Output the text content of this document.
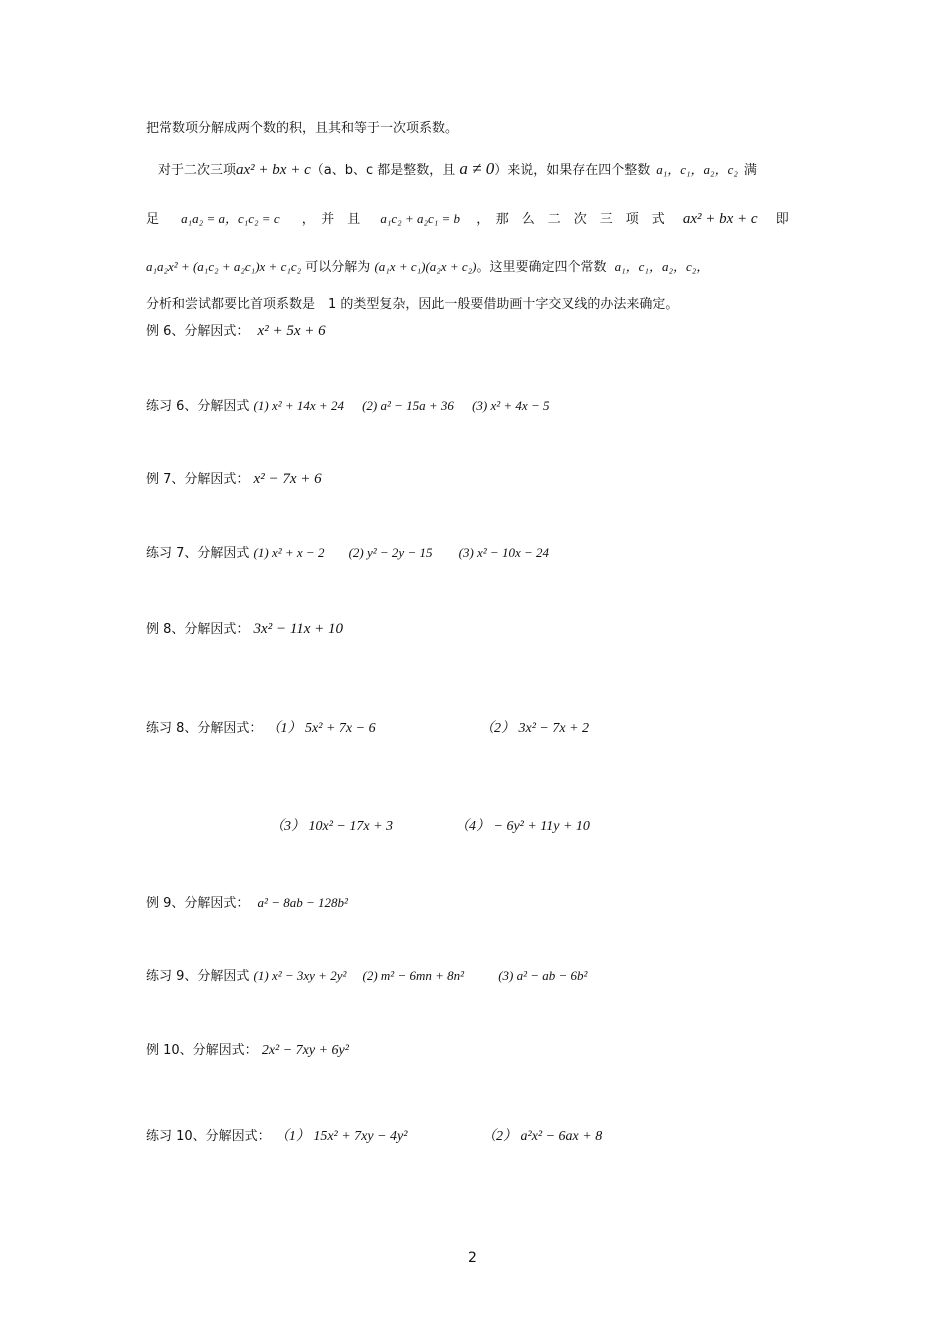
把常数项分解成两个数的积，且其和等于一次项系数。
对于二次三项ax² + bx + c（a、b、c 都是整数，且 a ≠ 0）来说，如果存在四个整数 a₁，c₁，a₂，c₂ 满
足 a₁a₂ = a，c₁c₂ = c ，　并　且 a₁c₂ + a₂c₁ = b ，　那　么　二　次　三　项　式 ax² + bx + c 即
a₁a₂x² + (a₁c₂ + a₂c₁)x + c₁c₂ 可以分解为 (a₁x + c₁)(a₂x + c₂)。这里要确定四个常数 a₁，c₁，a₂，c₂，
分析和尝试都要比首项系数是　1 的类型复杂，因此一般要借助画十字交叉线的办法来确定。
例 6、分解因式： x² + 5x + 6
练习 6、分解因式 (1) x² + 14x + 24 (2) a² − 15a + 36 (3) x² + 4x − 5
例 7、分解因式： x² − 7x + 6
练习 7、分解因式 (1) x² + x − 2 (2) y² − 2y − 15 (3) x² − 10x − 24
例 8、分解因式： 3x² − 11x + 10
练习 8、分解因式： （1） 5x² + 7x − 6	（2） 3x² − 7x + 2
（3） 10x² − 17x + 3	（4） − 6y² + 11y + 10
例 9、分解因式： a² − 8ab − 128b²
练习 9、分解因式 (1) x² − 3xy + 2y² (2) m² − 6mn + 8n²	(3) a² − ab − 6b²
例 10、分解因式： 2x² − 7xy + 6y²
练习 10、分解因式： （1） 15x² + 7xy − 4y²	（2） a²x² − 6ax + 8
2
